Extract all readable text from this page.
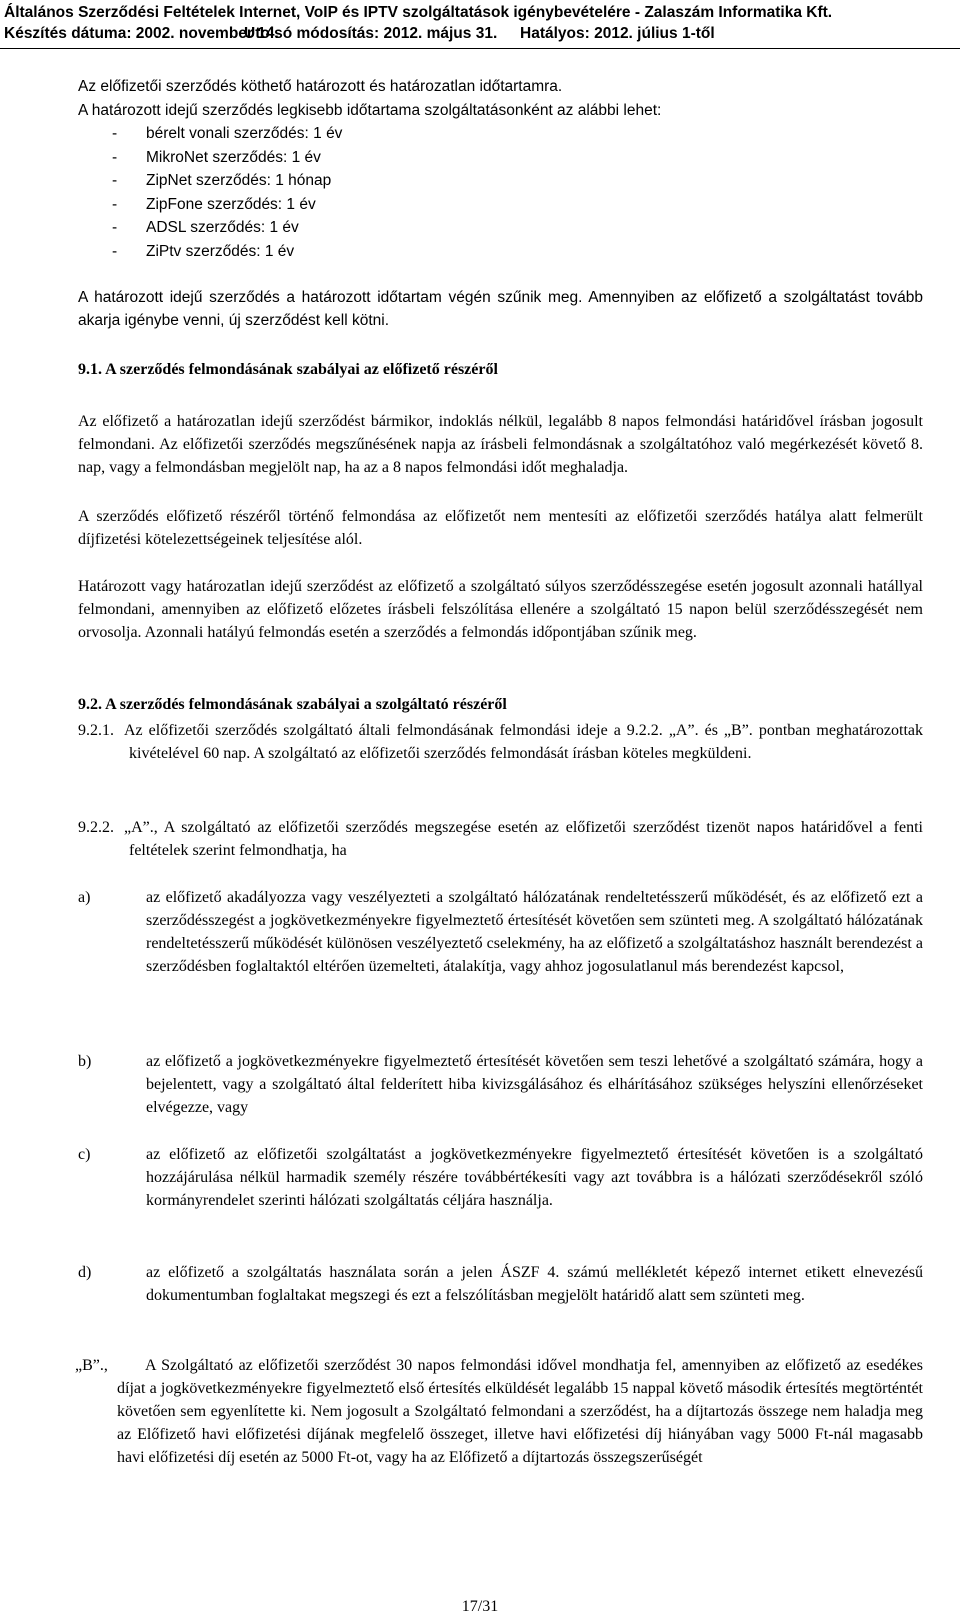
Általános Szerződési Feltételek Internet, VoIP és IPTV szolgáltatások igénybevételére - Zalaszám Informatika Kft.
Készítés dátuma: 2002. november 14.Utolsó módosítás: 2012. május 31. Hatályos: 2012. július 1-től
Az előfizetői szerződés köthető határozott és határozatlan időtartamra.
A határozott idejű szerződés legkisebb időtartama szolgáltatásonként az alábbi lehet:
- bérelt vonali szerződés: 1 év
- MikroNet szerződés: 1 év
- ZipNet szerződés: 1 hónap
- ZipFone szerződés: 1 év
- ADSL szerződés: 1 év
- ZiPtv szerződés: 1 év
A határozott idejű szerződés a határozott időtartam végén szűnik meg. Amennyiben az előfizető a szolgáltatást tovább akarja igénybe venni, új szerződést kell kötni.
9.1. A szerződés felmondásának szabályai az előfizető részéről
Az előfizető a határozatlan idejű szerződést bármikor, indoklás nélkül, legalább 8 napos felmondási határidővel írásban jogosult felmondani. Az előfizetői szerződés megszűnésének napja az írásbeli felmondásnak a szolgáltatóhoz való megérkezését követő 8. nap, vagy a felmondásban megjelölt nap, ha az a 8 napos felmondási időt meghaladja.
A szerződés előfizető részéről történő felmondása az előfizetőt nem mentesíti az előfizetői szerződés hatálya alatt felmerült díjfizetési kötelezettségeinek teljesítése alól.
Határozott vagy határozatlan idejű szerződést az előfizető a szolgáltató súlyos szerződésszegése esetén jogosult azonnali hatállyal felmondani, amennyiben az előfizető előzetes írásbeli felszólítása ellenére a szolgáltató 15 napon belül szerződésszegését nem orvosolja. Azonnali hatályú felmondás esetén a szerződés a felmondás időpontjában szűnik meg.
9.2. A szerződés felmondásának szabályai a szolgáltató részéről
9.2.1. Az előfizetői szerződés szolgáltató általi felmondásának felmondási ideje a 9.2.2. „A”. és „B”. pontban meghatározottak kivételével 60 nap. A szolgáltató az előfizetői szerződés felmondását írásban köteles megküldeni.
9.2.2. „A”., A szolgáltató az előfizetői szerződés megszegése esetén az előfizetői szerződést tizenöt napos határidővel a fenti feltételek szerint felmondhatja, ha
a)	az előfizető akadályozza vagy veszélyezteti a szolgáltató hálózatának rendeltetésszerű működését, és az előfizető ezt a szerződésszegést a jogkövetkezményekre figyelmeztető értesítését követően sem szünteti meg. A szolgáltató hálózatának rendeltetésszerű működését különösen veszélyeztető cselekmény, ha az előfizető a szolgáltatáshoz használt berendezést a szerződésben foglaltaktól eltérően üzemelteti, átalakítja, vagy ahhoz jogosulatlanul más berendezést kapcsol,
b)	az előfizető a jogkövetkezményekre figyelmeztető értesítését követően sem teszi lehetővé a szolgáltató számára, hogy a bejelentett, vagy a szolgáltató által felderített hiba kivizsgálásához és elhárításához szükséges helyszíni ellenőrzéseket elvégezze, vagy
c)	az előfizető az előfizetői szolgáltatást a jogkövetkezményekre figyelmeztető értesítését követően is a szolgáltató hozzájárulása nélkül harmadik személy részére továbbértékesíti vagy azt továbbra is a hálózati szerződésekről szóló kormányrendelet szerinti hálózati szolgáltatás céljára használja.
d)	az előfizető a szolgáltatás használata során a jelen ÁSZF 4. számú mellékletét képező internet etikett elnevezésű dokumentumban foglaltakat megszegi és ezt a felszólításban megjelölt határidő alatt sem szünteti meg.
„B”., A Szolgáltató az előfizetői szerződést 30 napos felmondási idővel mondhatja fel, amennyiben az előfizető az esedékes díjat a jogkövetkezményekre figyelmeztető első értesítés elküldését legalább 15 nappal követő második értesítés megtörténtét követően sem egyenlítette ki. Nem jogosult a Szolgáltató felmondani a szerződést, ha a díjtartozás összege nem haladja meg az Előfizető havi előfizetési díjának megfelelő összeget, illetve havi előfizetési díj hiányában vagy 5000 Ft-nál magasabb havi előfizetési díj esetén az 5000 Ft-ot, vagy ha az Előfizető a díjtartozás összegszerűségét
17/31
